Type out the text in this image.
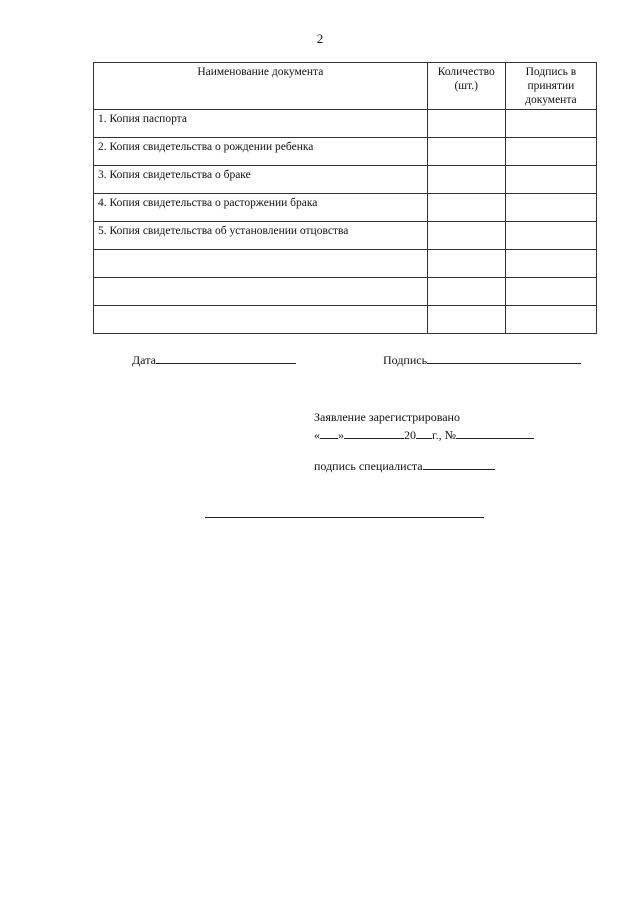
2
Наименование документа	Количество (шт.)	Подпись в принятии документа
1. Копия паспорта		
2. Копия свидетельства о рождении ребенка		
3. Копия свидетельства о браке		
4. Копия свидетельства о расторжении брака		
5. Копия свидетельства об установлении отцовства		

Дата	Подпись
Заявление зарегистрировано
« »	20 г., №
подпись специалиста
